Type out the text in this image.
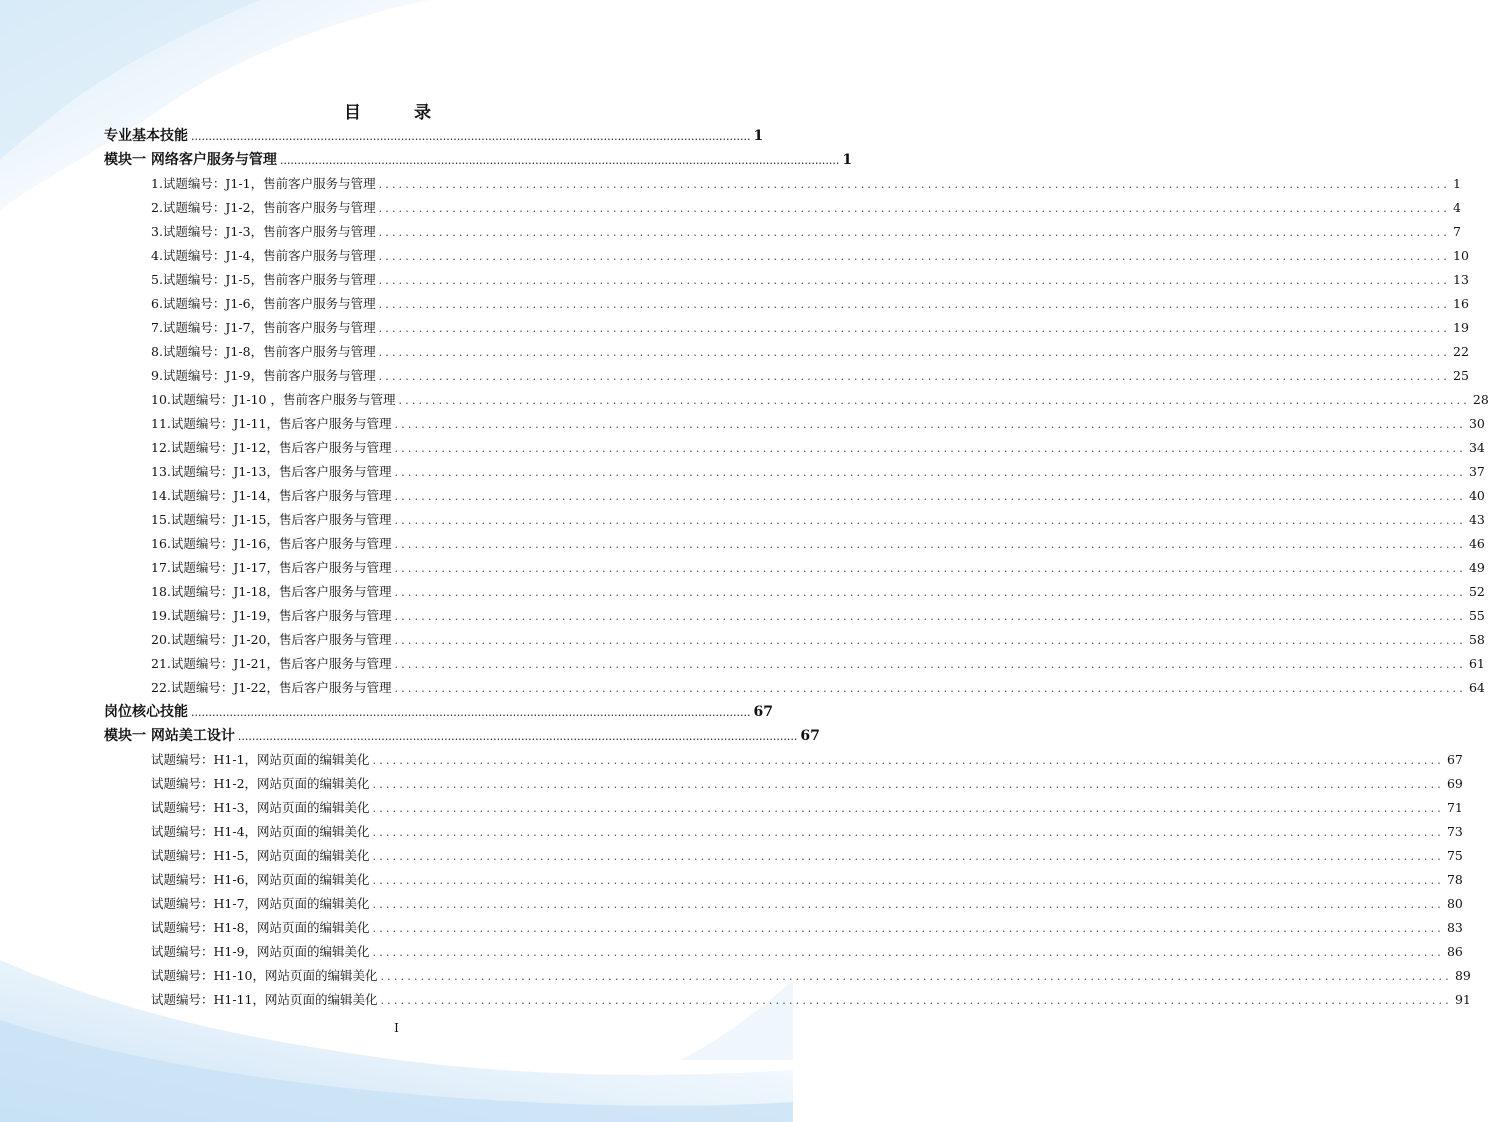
目　录
专业基本技能 ................................................................................................................................................................ 1
模块一 网络客户服务与管理 ................................................................................................................................................................ 1
1.试题编号：J1-1，售前客户服务与管理 ................................................................................................................................................................ 1
2.试题编号：J1-2，售前客户服务与管理 ................................................................................................................................................................ 4
3.试题编号：J1-3，售前客户服务与管理 ................................................................................................................................................................ 7
4.试题编号：J1-4，售前客户服务与管理 ................................................................................................................................................................ 10
5.试题编号：J1-5，售前客户服务与管理 ................................................................................................................................................................ 13
6.试题编号：J1-6，售前客户服务与管理 ................................................................................................................................................................ 16
7.试题编号：J1-7，售前客户服务与管理 ................................................................................................................................................................ 19
8.试题编号：J1-8，售前客户服务与管理 ................................................................................................................................................................ 22
9.试题编号：J1-9，售前客户服务与管理 ................................................................................................................................................................ 25
10.试题编号：J1-10 ，售前客户服务与管理 ................................................................................................................................................................ 28
11.试题编号：J1-11，售后客户服务与管理 ................................................................................................................................................................ 30
12.试题编号：J1-12，售后客户服务与管理 ................................................................................................................................................................ 34
13.试题编号：J1-13，售后客户服务与管理 ................................................................................................................................................................ 37
14.试题编号：J1-14，售后客户服务与管理 ................................................................................................................................................................ 40
15.试题编号：J1-15，售后客户服务与管理 ................................................................................................................................................................ 43
16.试题编号：J1-16，售后客户服务与管理 ................................................................................................................................................................ 46
17.试题编号：J1-17，售后客户服务与管理 ................................................................................................................................................................ 49
18.试题编号：J1-18，售后客户服务与管理 ................................................................................................................................................................ 52
19.试题编号：J1-19，售后客户服务与管理 ................................................................................................................................................................ 55
20.试题编号：J1-20，售后客户服务与管理 ................................................................................................................................................................ 58
21.试题编号：J1-21，售后客户服务与管理 ................................................................................................................................................................ 61
22.试题编号：J1-22，售后客户服务与管理 ................................................................................................................................................................ 64
岗位核心技能 ................................................................................................................................................................ 67
模块一 网站美工设计 ................................................................................................................................................................ 67
试题编号：H1-1，网站页面的编辑美化 ................................................................................................................................................................ 67
试题编号：H1-2，网站页面的编辑美化 ................................................................................................................................................................ 69
试题编号：H1-3，网站页面的编辑美化 ................................................................................................................................................................ 71
试题编号：H1-4，网站页面的编辑美化 ................................................................................................................................................................ 73
试题编号：H1-5，网站页面的编辑美化 ................................................................................................................................................................ 75
试题编号：H1-6，网站页面的编辑美化 ................................................................................................................................................................ 78
试题编号：H1-7，网站页面的编辑美化 ................................................................................................................................................................ 80
试题编号：H1-8，网站页面的编辑美化 ................................................................................................................................................................ 83
试题编号：H1-9，网站页面的编辑美化 ................................................................................................................................................................ 86
试题编号：H1-10，网站页面的编辑美化 ................................................................................................................................................................ 89
试题编号：H1-11，网站页面的编辑美化 ................................................................................................................................................................ 91
I
